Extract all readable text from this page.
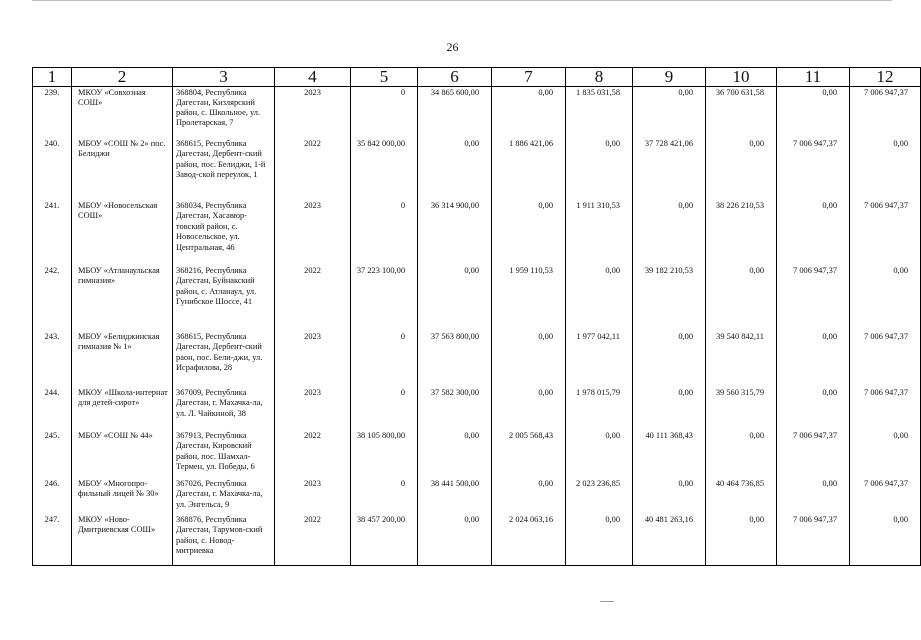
26
1	2	3	4	5	6	7	8	9	10	11	12
239.	МКОУ «Совхозная СОШ»	368804, Республика Дагестан, Кизлярский район, с. Школьное, ул. Пролетарская, 7	2023	0	34 865 600,00	0,00	1 835 031,58	0,00	36 700 631,58	0,00	7 006 947,37
240.	МБОУ «СОШ № 2» пос. Белиджи	368615, Республика Дагестан, Дербент-ский район, пос. Белиджи, 1-й Завод-ской переулок, 1	2022	35 842 000,00	0,00	1 886 421,06	0,00	37 728 421,06	0,00	7 006 947,37	0,00
241.	МБОУ «Новосельская СОШ»	368034, Республика Дагестан, Хасавюр-товский район, с. Новосельское, ул. Центральная, 46	2023	0	36 314 900,00	0,00	1 911 310,53	0,00	38 226 210,53	0,00	7 006 947,37
242.	МБОУ «Атланаульская гимназия»	368216, Республика Дагестан, Буйнакский район, с. Атланаул, ул. Гунибское Шоссе, 41	2022	37 223 100,00	0,00	1 959 110,53	0,00	39 182 210,53	0,00	7 006 947,37	0,00
243.	МБОУ «Белиджинская гимназия № 1»	368615, Республика Дагестан, Дербент-ский раон, пос. Бели-джи, ул. Исрафилова, 28	2023	0	37 563 800,00	0,00	1 977 042,11	0,00	39 540 842,11	0,00	7 006 947,37
244.	МКОУ «Школа-интернат для детей-сирот»	367009, Республика Дагестан, г. Махачка-ла, ул. Л. Чайкиной, 38	2023	0	37 582 300,00	0,00	1 978 015,79	0,00	39 560 315,79	0,00	7 006 947,37
245.	МБОУ «СОШ № 44»	367913, Республика Дагестан, Кировский район, пос. Шамхал-Термен, ул. Победы, 6	2022	38 105 800,00	0,00	2 005 568,43	0,00	40 111 368,43	0,00	7 006 947,37	0,00
246.	МБОУ «Многопро-фильный лицей № 30»	367026, Республика Дагестан, г. Махачка-ла, ул. Энгельса, 9	2023	0	38 441 500,00	0,00	2 023 236,85	0,00	40 464 736,85	0,00	7 006 947,37
247.	МКОУ «Ново-Дмитриевская СОШ»	368876, Республика Дагестан, Тарумов-ский район, с. Новод-митриевка	2022	38 457 200,00	0,00	2 024 063,16	0,00	40 481 263,16	0,00	7 006 947,37	0,00
